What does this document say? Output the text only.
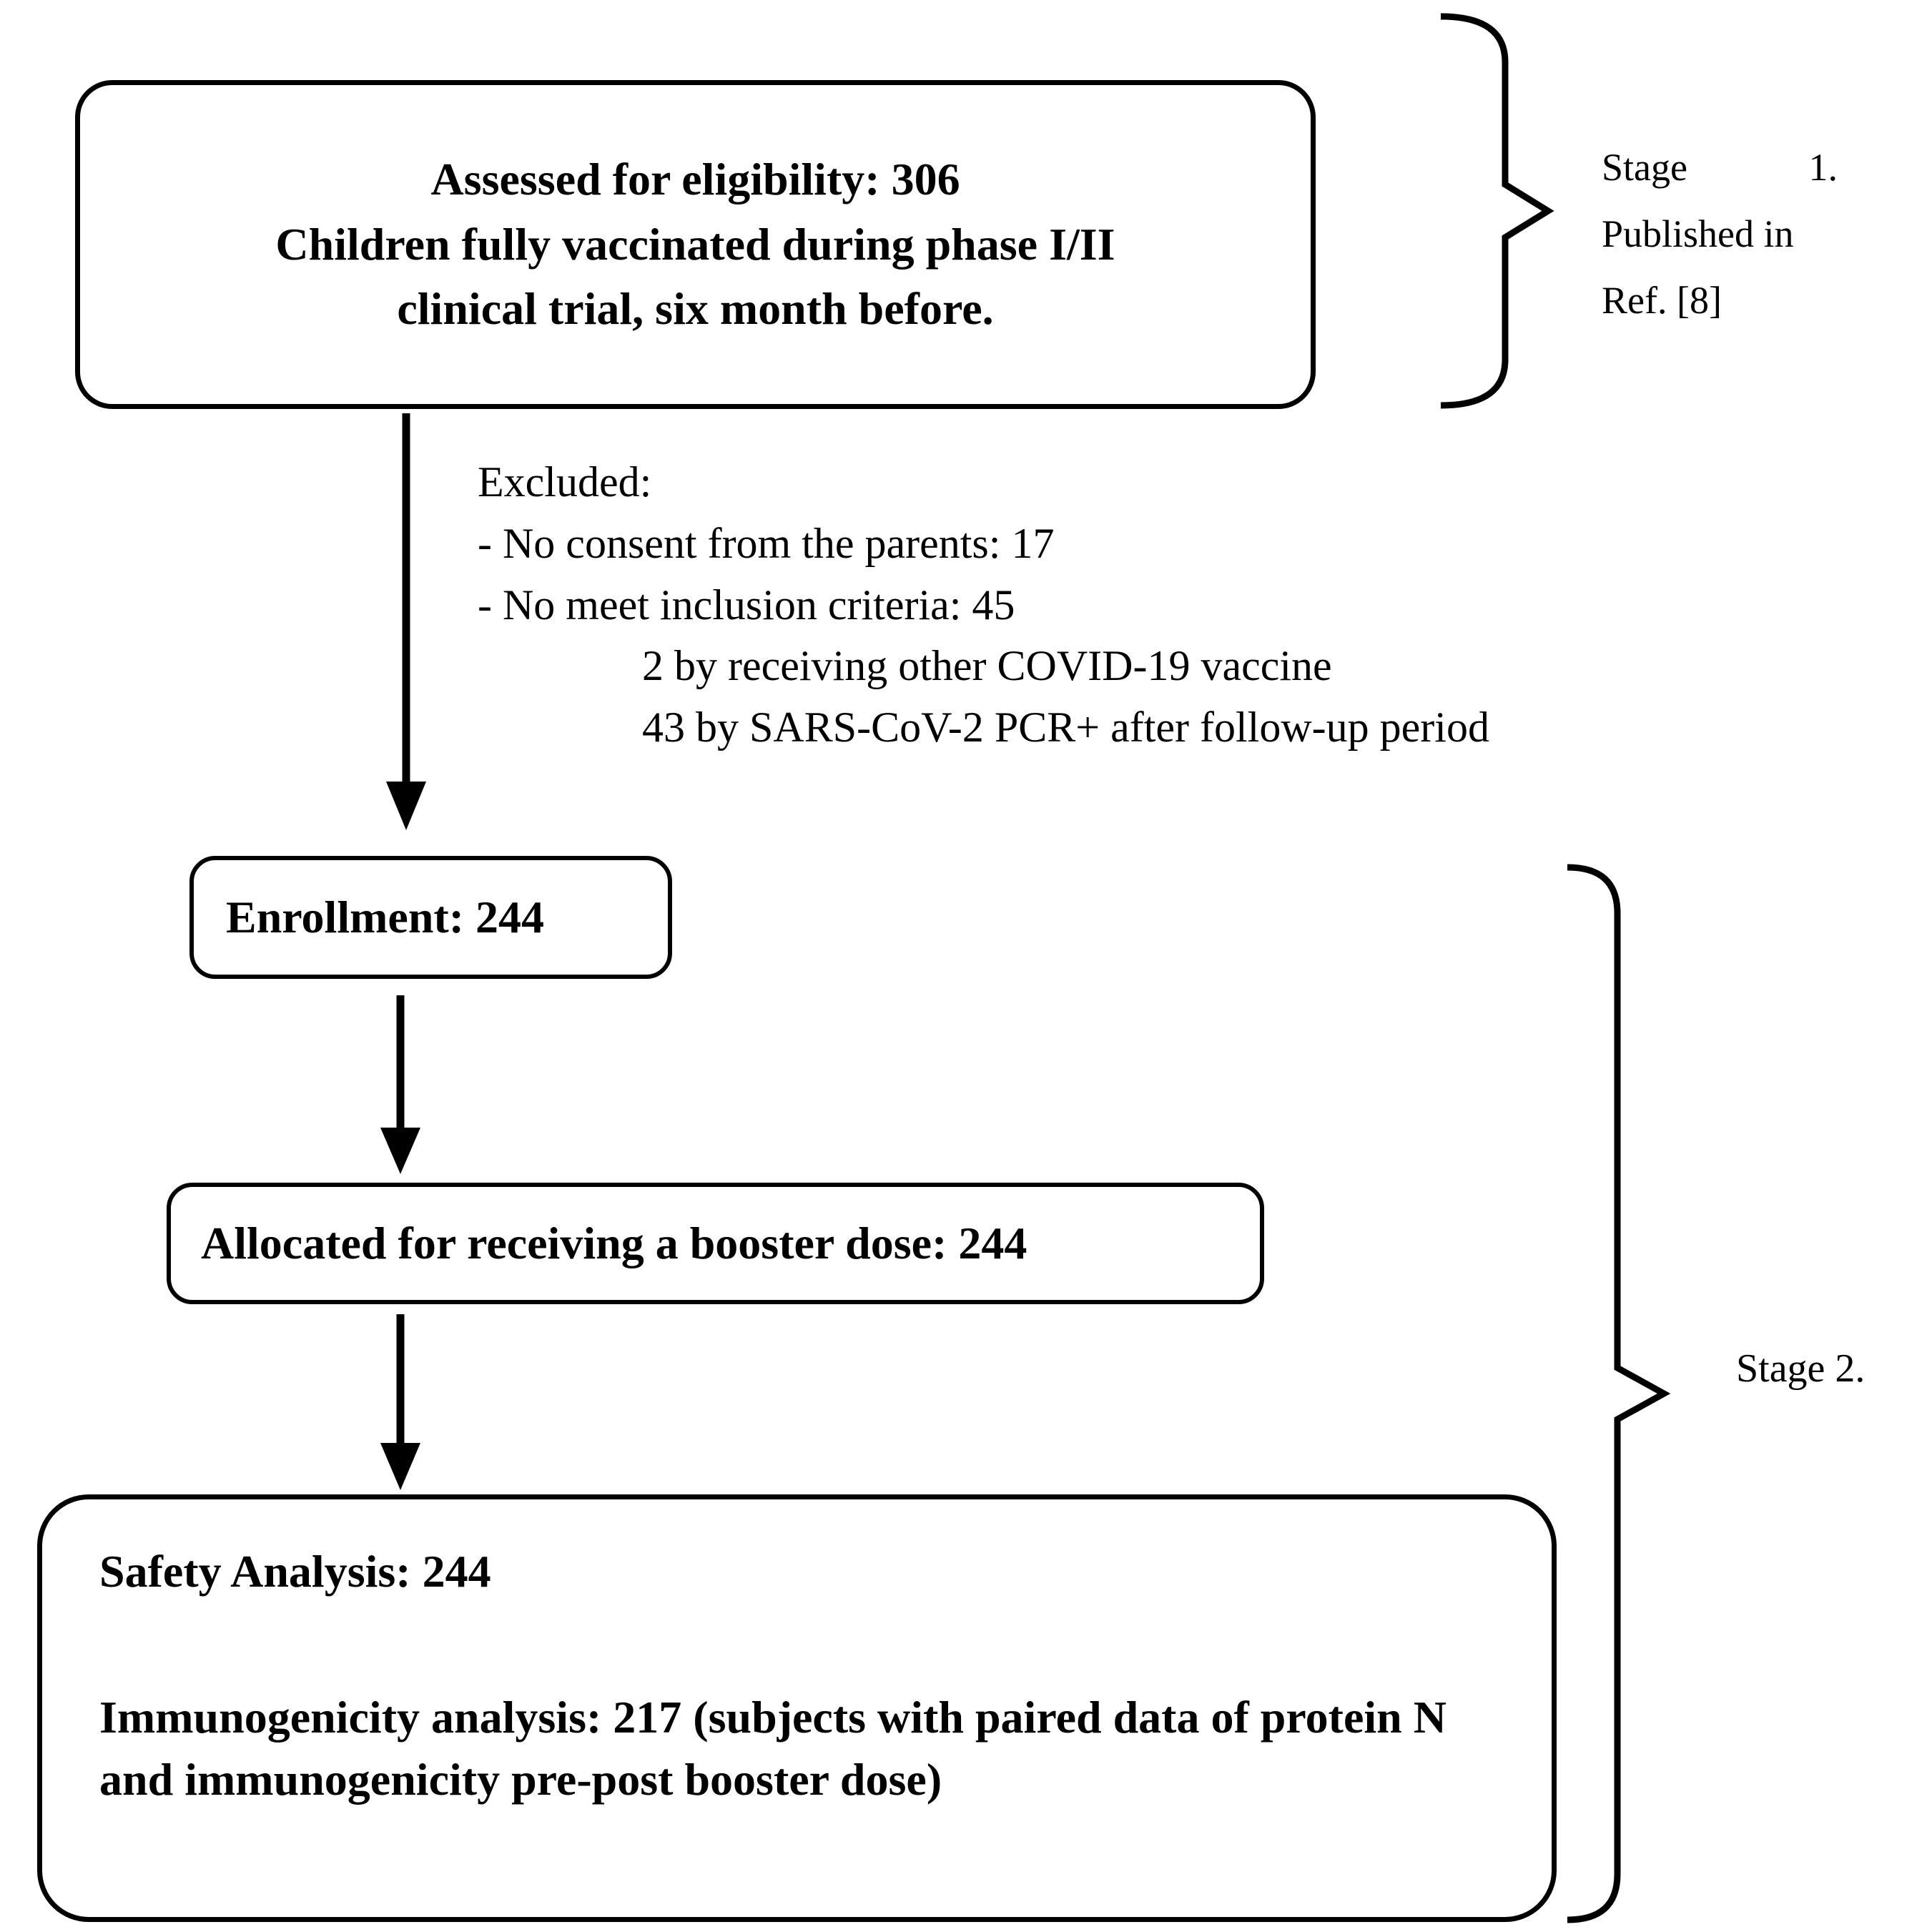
Assessed for eligibility: 306
Children fully vaccinated during phase I/II
clinical trial, six month before.
Stage	1.
Published in
Ref. [8]
Excluded:
- No consent from the parents: 17
- No meet inclusion criteria: 45
2 by receiving other COVID-19 vaccine
43 by SARS-CoV-2 PCR+ after follow-up period
Enrollment: 244
Allocated for receiving a booster dose: 244
Safety Analysis: 244
Immunogenicity analysis: 217 (subjects with paired data of protein N and immunogenicity pre-post booster dose)
Stage 2.
